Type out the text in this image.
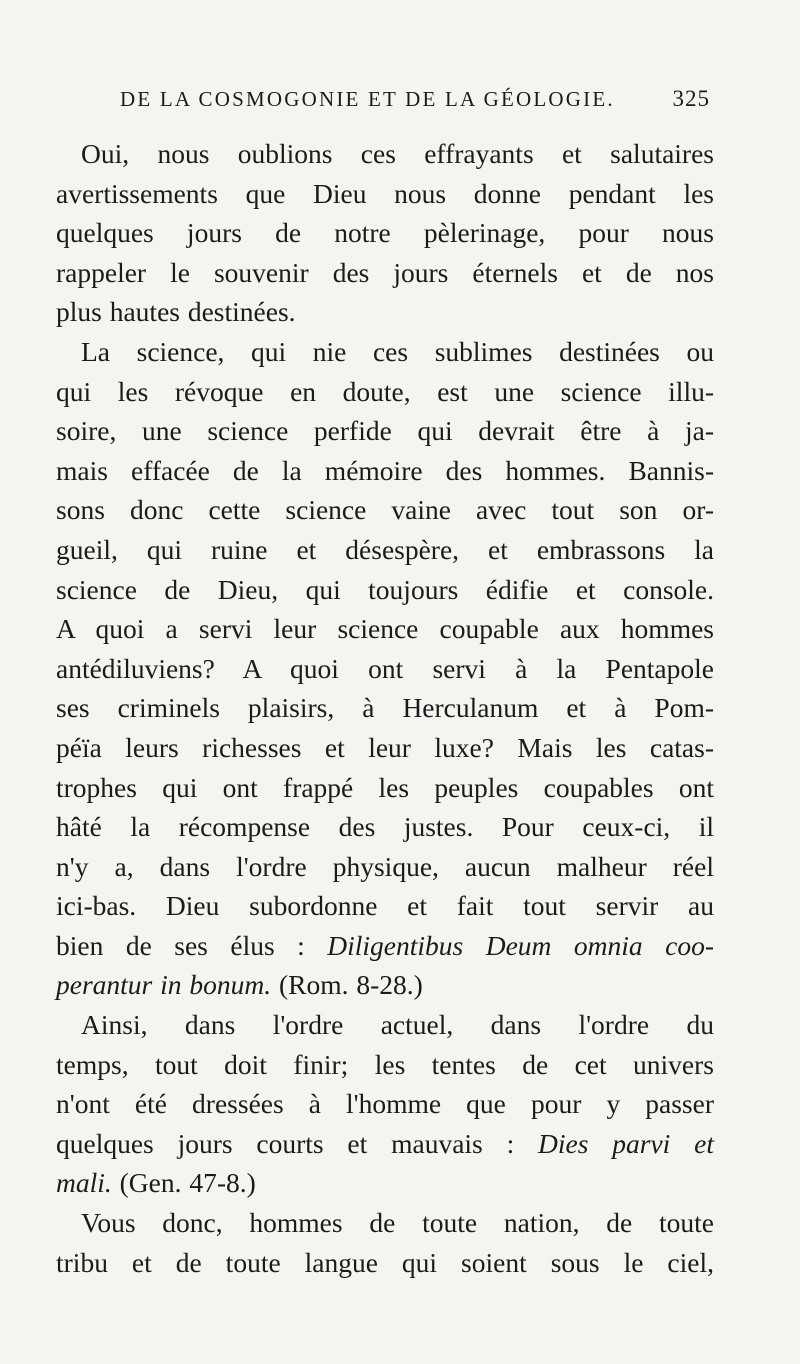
DE LA COSMOGONIE ET DE LA GÉOLOGIE.	325
Oui, nous oublions ces effrayants et salutaires
avertissements que Dieu nous donne pendant les
quelques jours de notre pèlerinage, pour nous
rappeler le souvenir des jours éternels et de nos
plus hautes destinées.
La science, qui nie ces sublimes destinées ou
qui les révoque en doute, est une science illu-
soire, une science perfide qui devrait être à ja-
mais effacée de la mémoire des hommes. Bannis-
sons donc cette science vaine avec tout son or-
gueil, qui ruine et désespère, et embrassons la
science de Dieu, qui toujours édifie et console.
A quoi a servi leur science coupable aux hommes
antédiluviens? A quoi ont servi à la Pentapole
ses criminels plaisirs, à Herculanum et à Pom-
péïa leurs richesses et leur luxe? Mais les catas-
trophes qui ont frappé les peuples coupables ont
hâté la récompense des justes. Pour ceux-ci, il
n'y a, dans l'ordre physique, aucun malheur réel
ici-bas. Dieu subordonne et fait tout servir au
bien de ses élus : Diligentibus Deum omnia coo-
perantur in bonum. (Rom. 8-28.)
Ainsi, dans l'ordre actuel, dans l'ordre du
temps, tout doit finir; les tentes de cet univers
n'ont été dressées à l'homme que pour y passer
quelques jours courts et mauvais : Dies parvi et
mali. (Gen. 47-8.)
Vous donc, hommes de toute nation, de toute
tribu et de toute langue qui soient sous le ciel,
